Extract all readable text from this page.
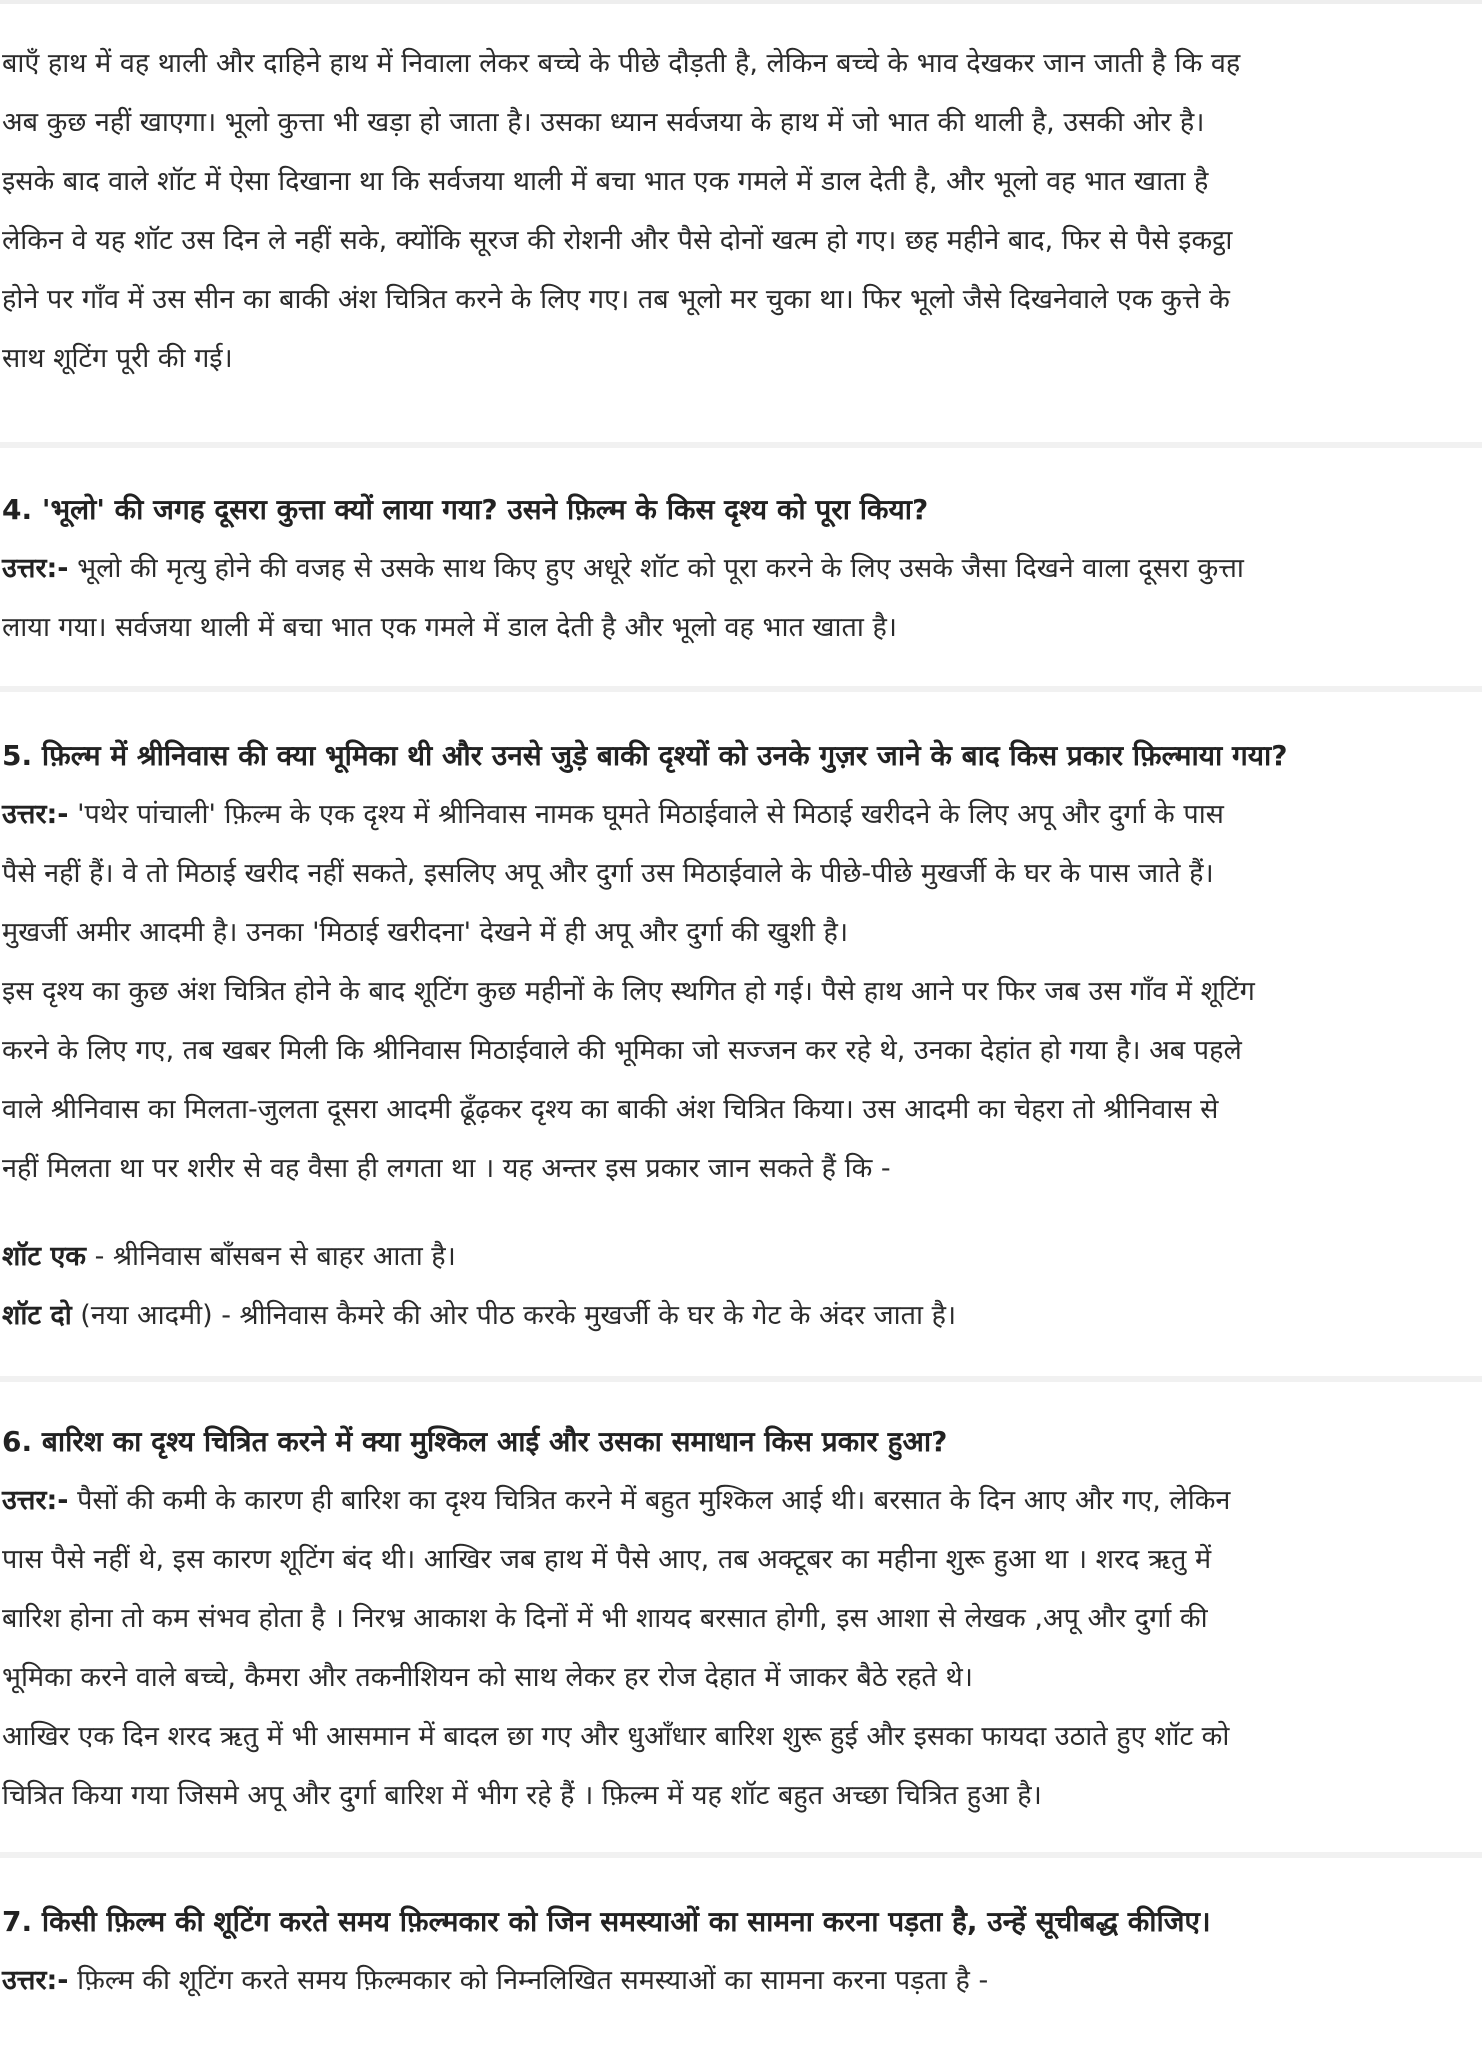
बाएँ हाथ में वह थाली और दाहिने हाथ में निवाला लेकर बच्चे के पीछे दौड़ती है, लेकिन बच्चे के भाव देखकर जान जाती है कि वह

अब कुछ नहीं खाएगा। भूलो कुत्ता भी खड़ा हो जाता है। उसका ध्यान सर्वजया के हाथ में जो भात की थाली है, उसकी ओर है।

इसके बाद वाले शॉट में ऐसा दिखाना था कि सर्वजया थाली में बचा भात एक गमले में डाल देती है, और भूलो वह भात खाता है

लेकिन वे यह शॉट उस दिन ले नहीं सके, क्योंकि सूरज की रोशनी और पैसे दोनों खत्म हो गए। छह महीने बाद, फिर से पैसे इकट्ठा

होने पर गाँव में उस सीन का बाकी अंश चित्रित करने के लिए गए। तब भूलो मर चुका था। फिर भूलो जैसे दिखनेवाले एक कुत्ते के

साथ शूटिंग पूरी की गई।

4. 'भूलो' की जगह दूसरा कुत्ता क्यों लाया गया? उसने फ़िल्म के किस दृश्य को पूरा किया?

उत्तर:- भूलो की मृत्यु होने की वजह से उसके साथ किए हुए अधूरे शॉट को पूरा करने के लिए उसके जैसा दिखने वाला दूसरा कुत्ता

लाया गया। सर्वजया थाली में बचा भात एक गमले में डाल देती है और भूलो वह भात खाता है।

5. फ़िल्म में श्रीनिवास की क्या भूमिका थी और उनसे जुड़े बाकी दृश्यों को उनके गुज़र जाने के बाद किस प्रकार फ़िल्माया गया?

उत्तर:- 'पथेर पांचाली' फ़िल्म के एक दृश्य में श्रीनिवास नामक घूमते मिठाईवाले से मिठाई खरीदने के लिए अपू और दुर्गा के पास

पैसे नहीं हैं। वे तो मिठाई खरीद नहीं सकते, इसलिए अपू और दुर्गा उस मिठाईवाले के पीछे-पीछे मुखर्जी के घर के पास जाते हैं।

मुखर्जी अमीर आदमी है। उनका 'मिठाई खरीदना' देखने में ही अपू और दुर्गा की खुशी है।

इस दृश्य का कुछ अंश चित्रित होने के बाद शूटिंग कुछ महीनों के लिए स्थगित हो गई। पैसे हाथ आने पर फिर जब उस गाँव में शूटिंग

करने के लिए गए, तब खबर मिली कि श्रीनिवास मिठाईवाले की भूमिका जो सज्जन कर रहे थे, उनका देहांत हो गया है। अब पहले

वाले श्रीनिवास का मिलता-जुलता दूसरा आदमी ढूँढ़कर दृश्य का बाकी अंश चित्रित किया। उस आदमी का चेहरा तो श्रीनिवास से

नहीं मिलता था पर शरीर से वह वैसा ही लगता था । यह अन्तर इस प्रकार जान सकते हैं कि -

शॉट एक - श्रीनिवास बाँसबन से बाहर आता है।

शॉट दो (नया आदमी) - श्रीनिवास कैमरे की ओर पीठ करके मुखर्जी के घर के गेट के अंदर जाता है।

6. बारिश का दृश्य चित्रित करने में क्या मुश्किल आई और उसका समाधान किस प्रकार हुआ?

उत्तर:- पैसों की कमी के कारण ही बारिश का दृश्य चित्रित करने में बहुत मुश्किल आई थी। बरसात के दिन आए और गए, लेकिन

पास पैसे नहीं थे, इस कारण शूटिंग बंद थी। आखिर जब हाथ में पैसे आए, तब अक्टूबर का महीना शुरू हुआ था । शरद ऋतु में

बारिश होना तो कम संभव होता है । निरभ्र आकाश के दिनों में भी शायद बरसात होगी, इस आशा से लेखक ,अपू और दुर्गा की

भूमिका करने वाले बच्चे, कैमरा और तकनीशियन को साथ लेकर हर रोज देहात में जाकर बैठे रहते थे।

आखिर एक दिन शरद ऋतु में भी आसमान में बादल छा गए और धुआँधार बारिश शुरू हुई और इसका फायदा उठाते हुए शॉट को

चित्रित किया गया जिसमे अपू और दुर्गा बारिश में भीग रहे हैं । फ़िल्म में यह शॉट बहुत अच्छा चित्रित हुआ है।

7. किसी फ़िल्म की शूटिंग करते समय फ़िल्मकार को जिन समस्याओं का सामना करना पड़ता है, उन्हें सूचीबद्ध कीजिए।

उत्तर:- फ़िल्म की शूटिंग करते समय फ़िल्मकार को निम्नलिखित समस्याओं का सामना करना पड़ता है -
